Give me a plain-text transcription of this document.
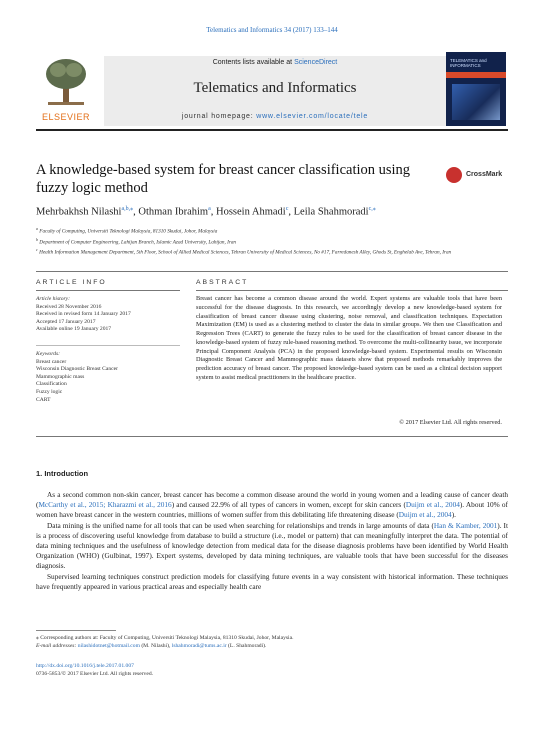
Telematics and Informatics 34 (2017) 133–144
ELSEVIER
Contents lists available at ScienceDirect
Telematics and Informatics
journal homepage: www.elsevier.com/locate/tele
TELEMATICS and INFORMATICS
A knowledge-based system for breast cancer classification using fuzzy logic method
CrossMark
Mehrbakhsh Nilashi$^{a,b,⁎}$, Othman Ibrahim$^a$, Hossein Ahmadi$^c$, Leila Shahmoradi$^{c,⁎}$
$^a$ Faculty of Computing, Universiti Teknologi Malaysia, 81310 Skudai, Johor, Malaysia
$^b$ Department of Computer Engineering, Lahijan Branch, Islamic Azad University, Lahijan, Iran
$^c$ Health Information Management Department, 5th Floor, School of Allied Medical Sciences, Tehran University of Medical Sciences, No #17, Farredanesh Alley, Ghods St, Enghelab Ave, Tehran, Iran
ARTICLE INFO
Article history:
Received 28 November 2016
Received in revised form 14 January 2017
Accepted 17 January 2017
Available online 19 January 2017
Keywords:
Breast cancer
Wisconsin Diagnostic Breast Cancer
Mammographic mass
Classification
Fuzzy logic
CART
ABSTRACT
Breast cancer has become a common disease around the world. Expert systems are valuable tools that have been successful for the disease diagnosis. In this research, we accordingly develop a new knowledge-based system for classification of breast cancer disease using clustering, noise removal, and classification techniques. Expectation Maximization (EM) is used as a clustering method to cluster the data in similar groups. We then use Classification and Regression Trees (CART) to generate the fuzzy rules to be used for the classification of breast cancer disease in the knowledge-based system of fuzzy rule-based reasoning method. To overcome the multi-collinearity issue, we incorporate Principal Component Analysis (PCA) in the proposed knowledge-based system. Experimental results on Wisconsin Diagnostic Breast Cancer and Mammographic mass datasets show that proposed methods remarkably improves the prediction accuracy of breast cancer. The proposed knowledge-based system can be used as a clinical decision support system to assist medical practitioners in the healthcare practice.
© 2017 Elsevier Ltd. All rights reserved.
1. Introduction

As a second common non-skin cancer, breast cancer has become a common disease around the world in young women and a leading cause of cancer death (McCarthy et al., 2015; Kharazmi et al., 2016) and caused 22.9% of all types of cancers in women, except for skin cancers (Duijm et al., 2004). About 10% of women have breast cancer in the western countries, millions of women suffer from this debilitating life threatening disease (Duijm et al., 2004).

Data mining is the unified name for all tools that can be used when searching for relationships and trends in large amounts of data (Han & Kamber, 2001). It is a process of discovering useful knowledge from database to build a structure (i.e., model or pattern) that can meaningfully interpret the data. The potential of data mining techniques and the usefulness of knowledge detection from medical data for the disease diagnosis problems have been identified by World Health Organization (WHO) (Gulbinat, 1997). Expert systems, developed by data mining techniques, are valuable tools that have been successful for the diseases diagnosis.

Supervised learning techniques construct prediction models for classifying future events in a way consistent with historical information. These techniques have frequently appeared in various practical areas and especially health care

⁎ Corresponding authors at: Faculty of Computing, Universiti Teknologi Malaysia, 81310 Skudai, Johor, Malaysia.
E-mail addresses: nilashidotnet@hotmail.com (M. Nilashi), lshahmoradi@tums.ac.ir (L. Shahmoradi).
http://dx.doi.org/10.1016/j.tele.2017.01.007
0736-5853/© 2017 Elsevier Ltd. All rights reserved.
